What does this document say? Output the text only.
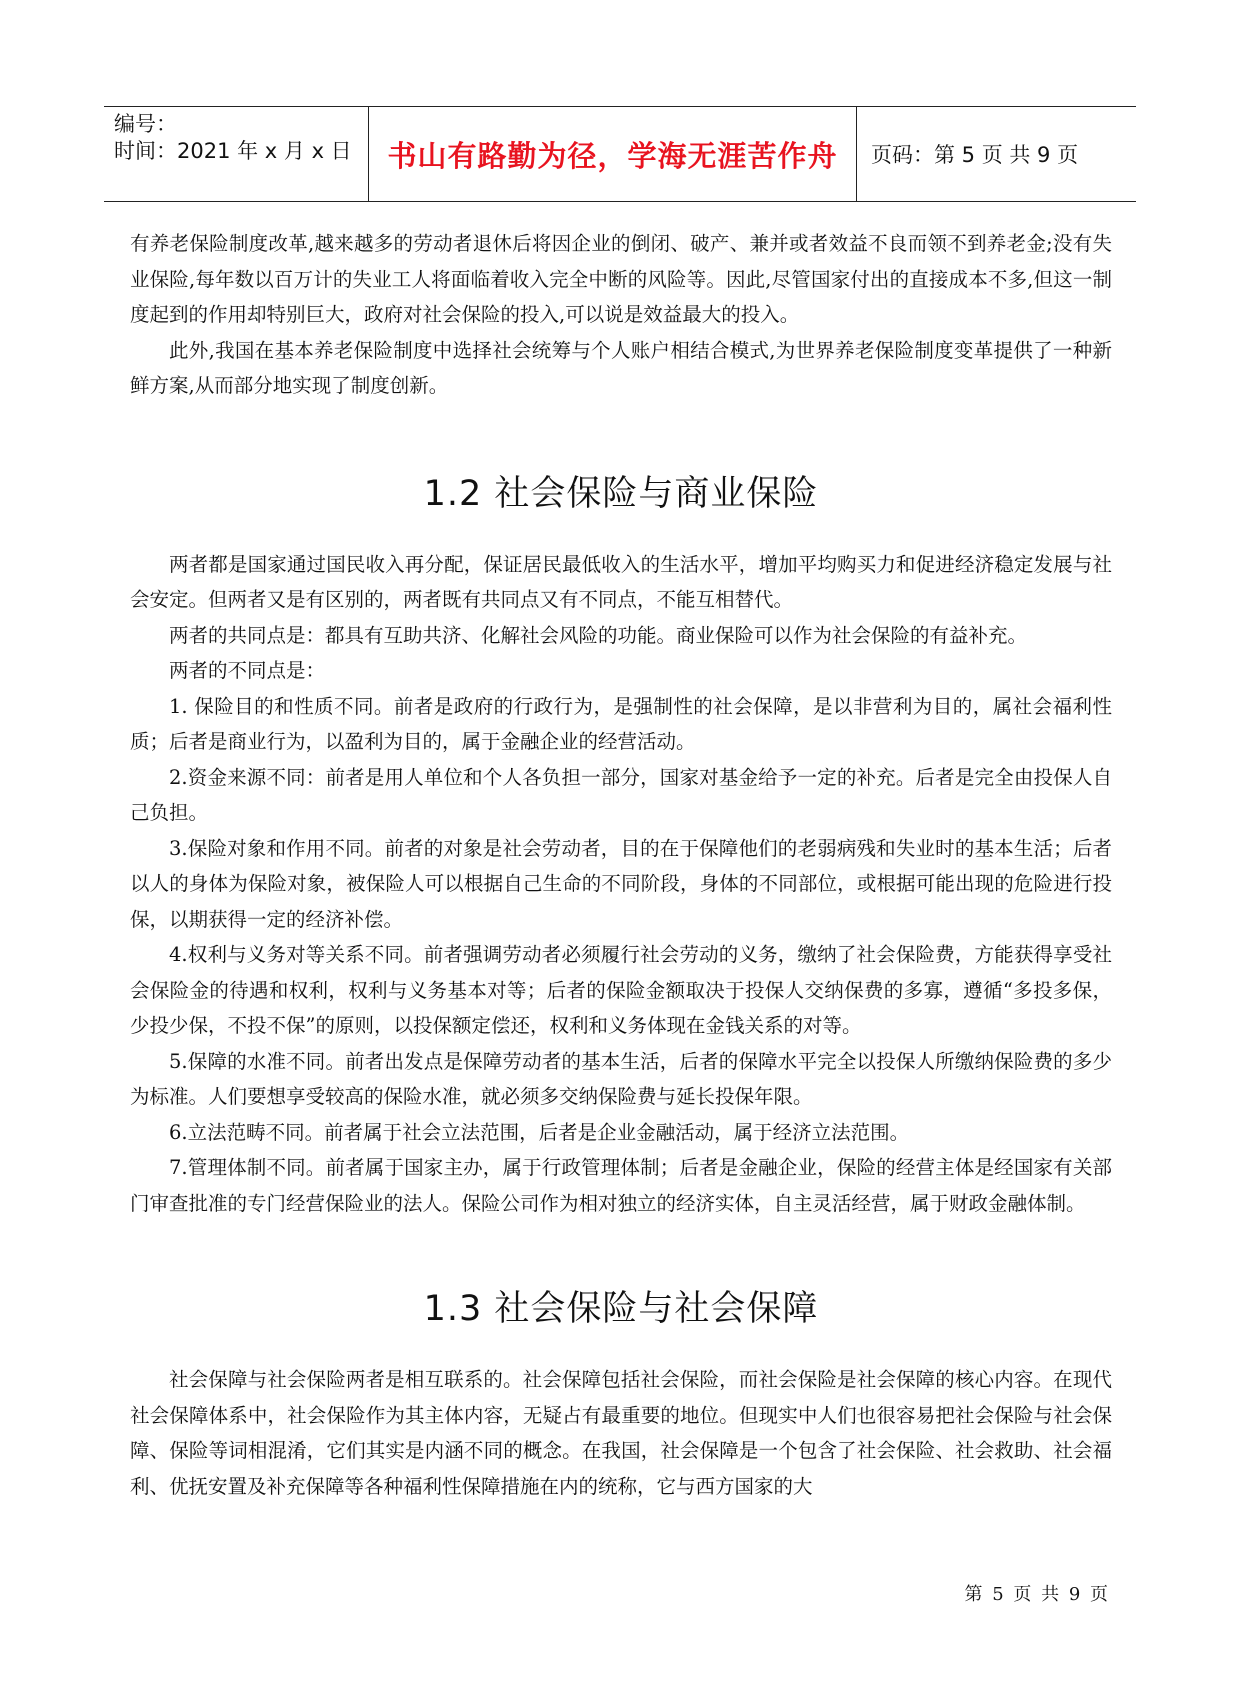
编号：
时间：2021 年 x 月 x 日	书山有路勤为径，学海无涯苦作舟	页码：第 5 页 共 9 页

有养老保险制度改革,越来越多的劳动者退休后将因企业的倒闭、破产、兼并或者效益不良而领不到养老金;没有失业保险,每年数以百万计的失业工人将面临着收入完全中断的风险等。因此,尽管国家付出的直接成本不多,但这一制度起到的作用却特别巨大，政府对社会保险的投入,可以说是效益最大的投入。

此外,我国在基本养老保险制度中选择社会统筹与个人账户相结合模式,为世界养老保险制度变革提供了一种新鲜方案,从而部分地实现了制度创新。

1.2 社会保险与商业保险

两者都是国家通过国民收入再分配，保证居民最低收入的生活水平，增加平均购买力和促进经济稳定发展与社会安定。但两者又是有区别的，两者既有共同点又有不同点，不能互相替代。

两者的共同点是：都具有互助共济、化解社会风险的功能。商业保险可以作为社会保险的有益补充。

两者的不同点是：

1. 保险目的和性质不同。前者是政府的行政行为，是强制性的社会保障，是以非营利为目的，属社会福利性质；后者是商业行为，以盈利为目的，属于金融企业的经营活动。

2.资金来源不同：前者是用人单位和个人各负担一部分，国家对基金给予一定的补充。后者是完全由投保人自己负担。

3.保险对象和作用不同。前者的对象是社会劳动者，目的在于保障他们的老弱病残和失业时的基本生活；后者以人的身体为保险对象，被保险人可以根据自己生命的不同阶段，身体的不同部位，或根据可能出现的危险进行投保，以期获得一定的经济补偿。

4.权利与义务对等关系不同。前者强调劳动者必须履行社会劳动的义务，缴纳了社会保险费，方能获得享受社会保险金的待遇和权利，权利与义务基本对等；后者的保险金额取决于投保人交纳保费的多寡，遵循“多投多保，少投少保，不投不保”的原则，以投保额定偿还，权利和义务体现在金钱关系的对等。

5.保障的水准不同。前者出发点是保障劳动者的基本生活，后者的保障水平完全以投保人所缴纳保险费的多少为标准。人们要想享受较高的保险水准，就必须多交纳保险费与延长投保年限。

6.立法范畴不同。前者属于社会立法范围，后者是企业金融活动，属于经济立法范围。

7.管理体制不同。前者属于国家主办，属于行政管理体制；后者是金融企业，保险的经营主体是经国家有关部门审查批准的专门经营保险业的法人。保险公司作为相对独立的经济实体，自主灵活经营，属于财政金融体制。

1.3 社会保险与社会保障

社会保障与社会保险两者是相互联系的。社会保障包括社会保险，而社会保险是社会保障的核心内容。在现代社会保障体系中，社会保险作为其主体内容，无疑占有最重要的地位。但现实中人们也很容易把社会保险与社会保障、保险等词相混淆，它们其实是内涵不同的概念。在我国，社会保障是一个包含了社会保险、社会救助、社会福利、优抚安置及补充保障等各种福利性保障措施在内的统称，它与西方国家的大

第 5 页 共 9 页
